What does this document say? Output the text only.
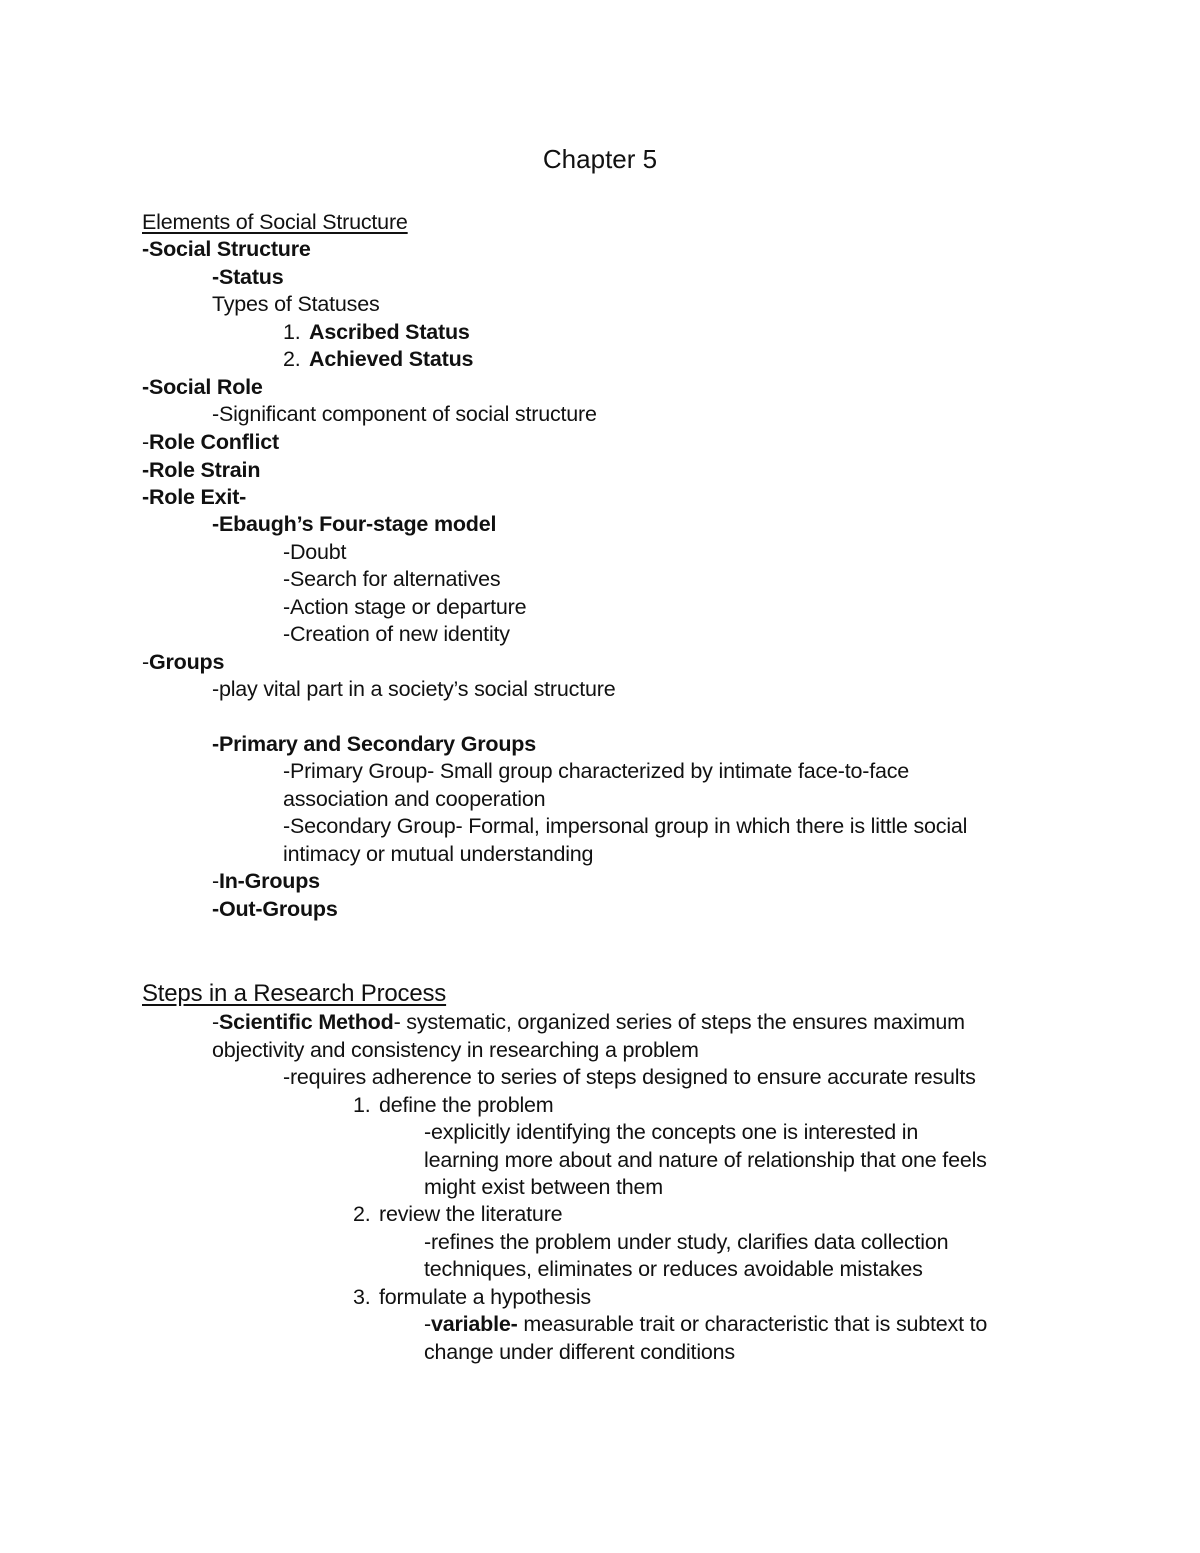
Chapter 5
Elements of Social Structure
-Social Structure
-Status
Types of Statuses
1. Ascribed Status
2. Achieved Status
-Social Role
-Significant component of social structure
-Role Conflict
-Role Strain
-Role Exit-
-Ebaugh’s Four-stage model
-Doubt
-Search for alternatives
-Action stage or departure
-Creation of new identity
-Groups
-play vital part in a society’s social structure
-Primary and Secondary Groups
-Primary Group- Small group characterized by intimate face-to-face
association and cooperation
-Secondary Group- Formal, impersonal group in which there is little social
intimacy or mutual understanding
-In-Groups
-Out-Groups
Steps in a Research Process
-Scientific Method- systematic, organized series of steps the ensures maximum
objectivity and consistency in researching a problem
-requires adherence to series of steps designed to ensure accurate results
1. define the problem
-explicitly identifying the concepts one is interested in
learning more about and nature of relationship that one feels
might exist between them
2. review the literature
-refines the problem under study, clarifies data collection
techniques, eliminates or reduces avoidable mistakes
3. formulate a hypothesis
-variable- measurable trait or characteristic that is subtext to
change under different conditions
